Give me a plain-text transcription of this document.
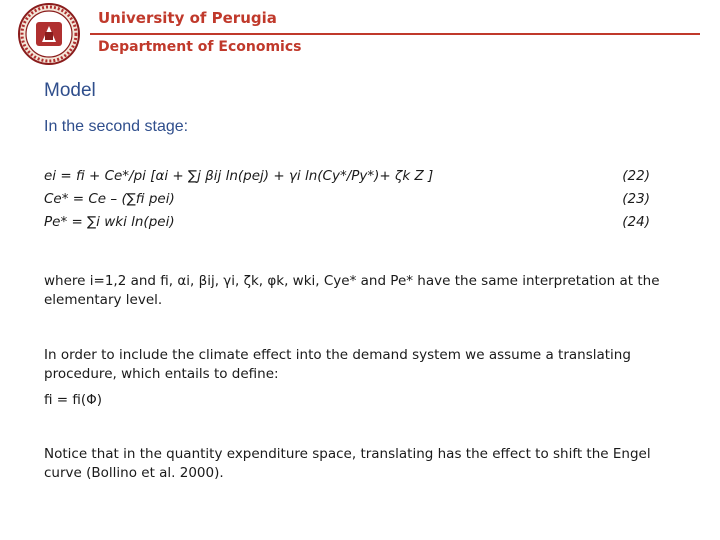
University of Perugia
Department of Economics
Model
In the second stage:
ei = fi + Ce*/pi [αi + ∑j βij ln(pej) + γi ln(Cy*/Py*)+ ζk Z ]	(22)
Ce* = Ce – (∑fi pei)	(23)
Pe* = ∑i wki ln(pei)	(24)
where i=1,2 and fi, αi, βij, γi, ζk, φk, wki, Cye* and Pe* have the same interpretation at the elementary level.
In order to include the climate effect into the demand system we assume a translating procedure, which entails to define:
fi = fi(Φ)
Notice that in the quantity expenditure space, translating has the effect to shift the Engel curve (Bollino et al. 2000).
